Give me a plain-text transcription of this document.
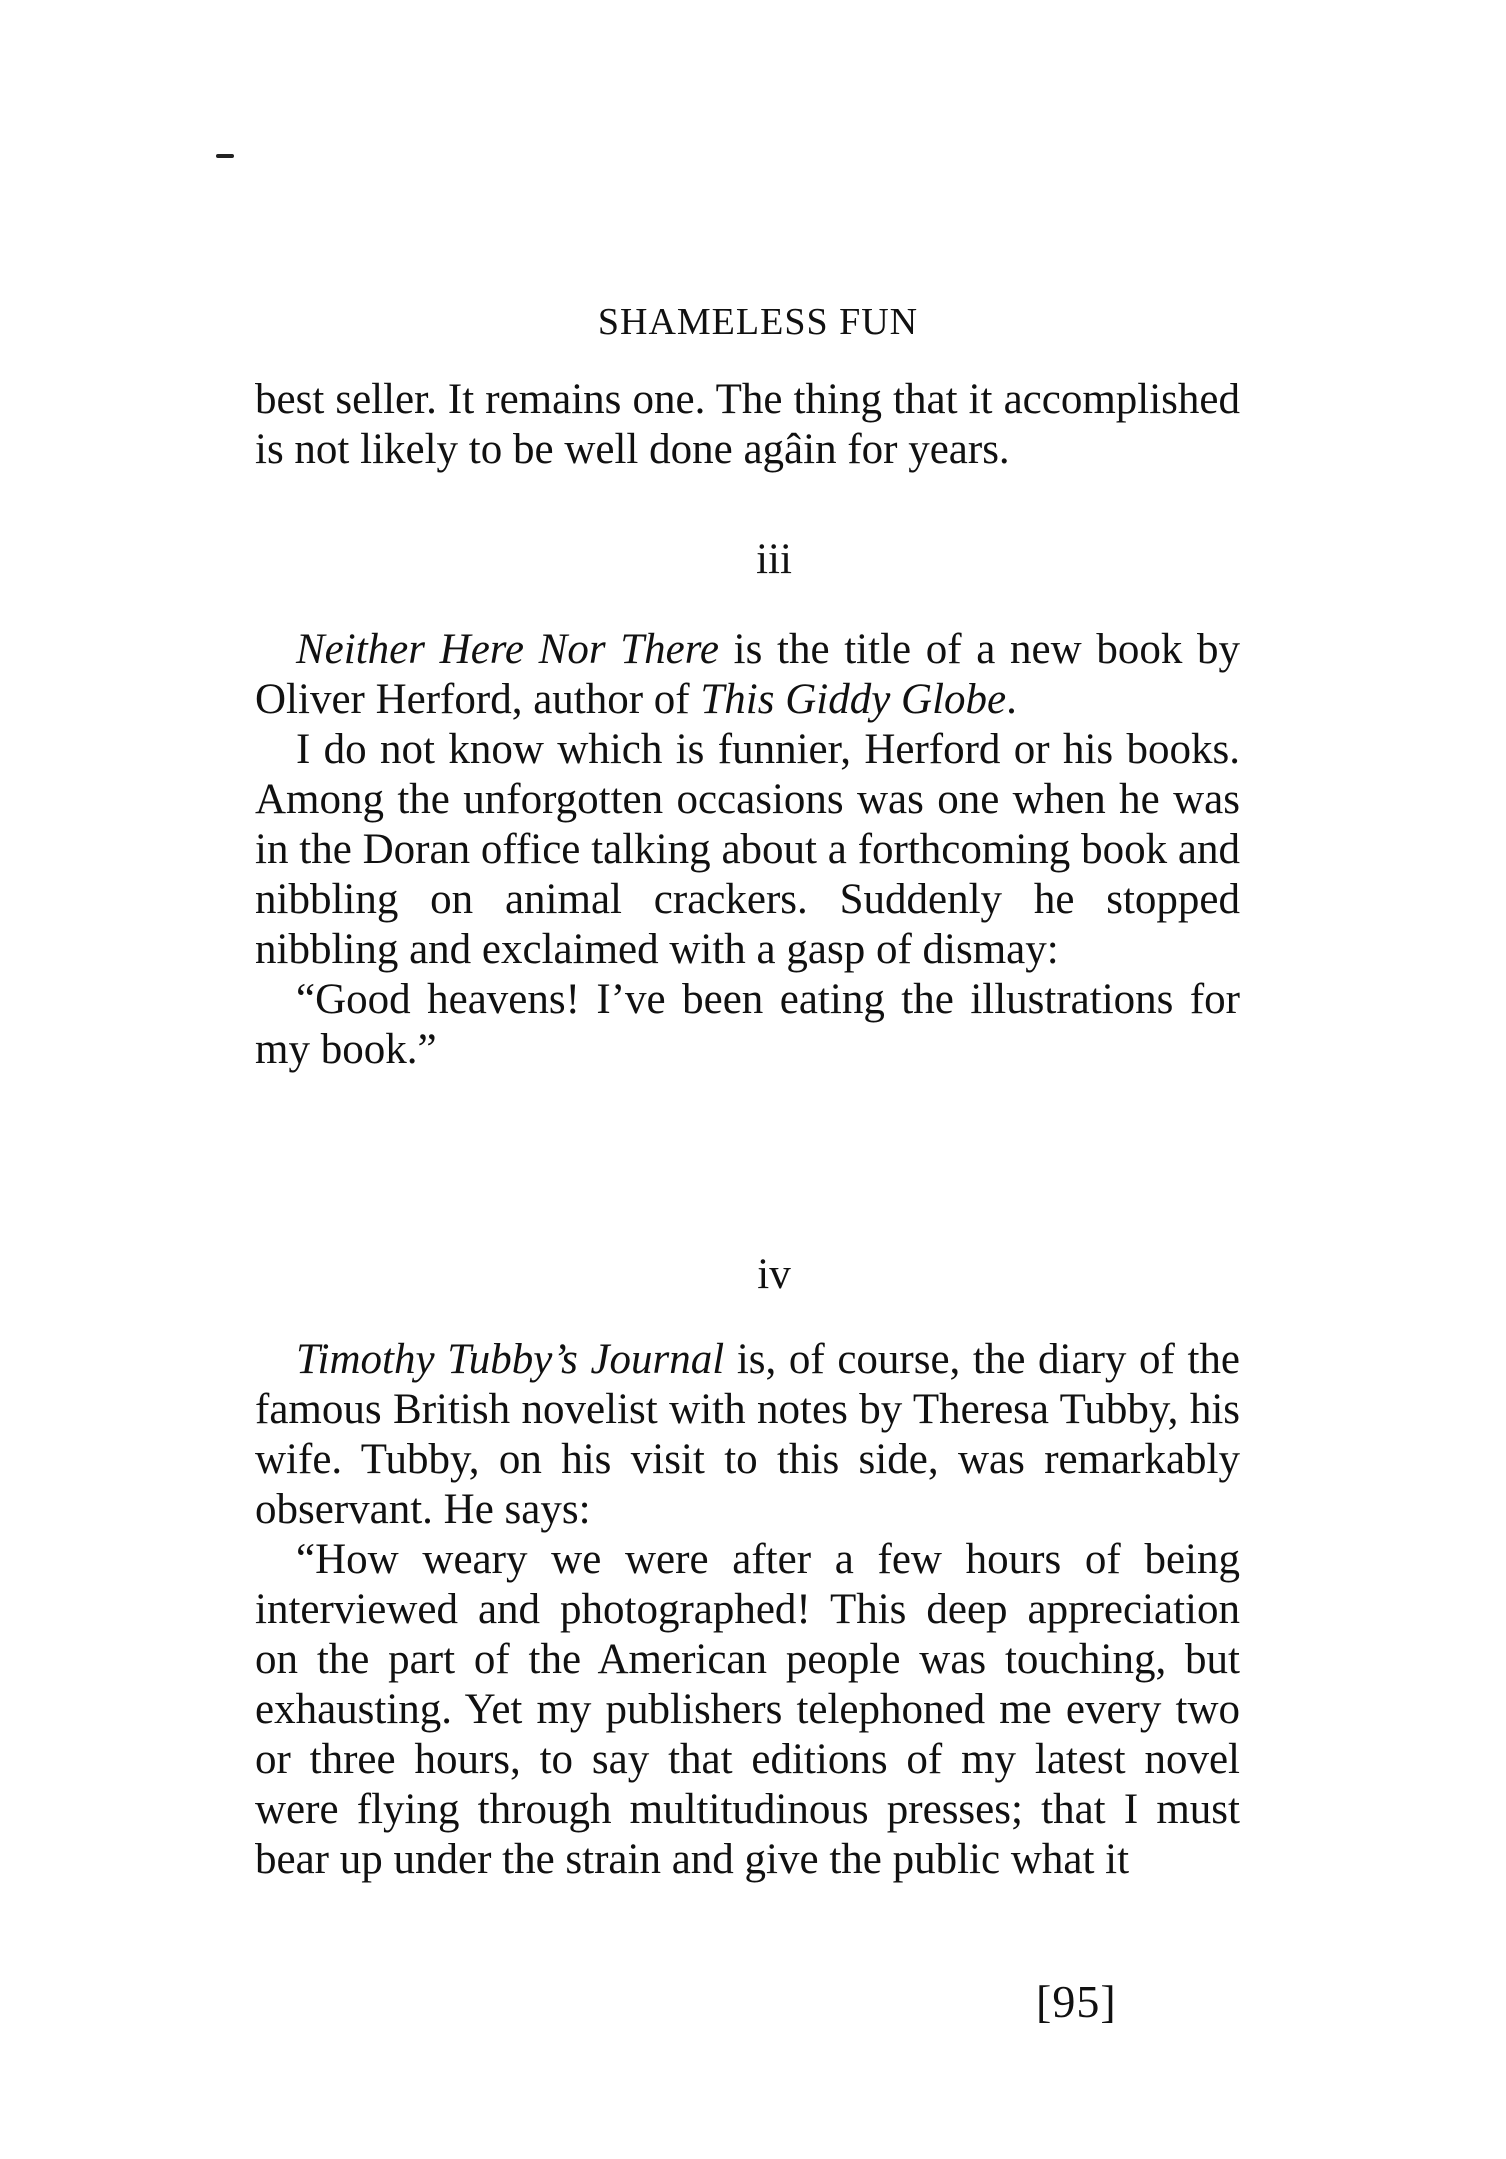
SHAMELESS FUN

best seller. It remains one. The thing that it accomplished is not likely to be well done agâin for years.

iii

Neither Here Nor There is the title of a new book by Oliver Herford, author of This Giddy Globe.

I do not know which is funnier, Herford or his books. Among the unforgotten occasions was one when he was in the Doran office talking about a forthcoming book and nibbling on animal crackers. Suddenly he stopped nibbling and exclaimed with a gasp of dismay:

“Good heavens! I’ve been eating the illustrations for my book.”

iv

Timothy Tubby’s Journal is, of course, the diary of the famous British novelist with notes by Theresa Tubby, his wife. Tubby, on his visit to this side, was remarkably observant. He says:

“How weary we were after a few hours of being interviewed and photographed! This deep appreciation on the part of the American people was touching, but exhausting. Yet my publishers telephoned me every two or three hours, to say that editions of my latest novel were flying through multitudinous presses; that I must bear up under the strain and give the public what it

[95]
